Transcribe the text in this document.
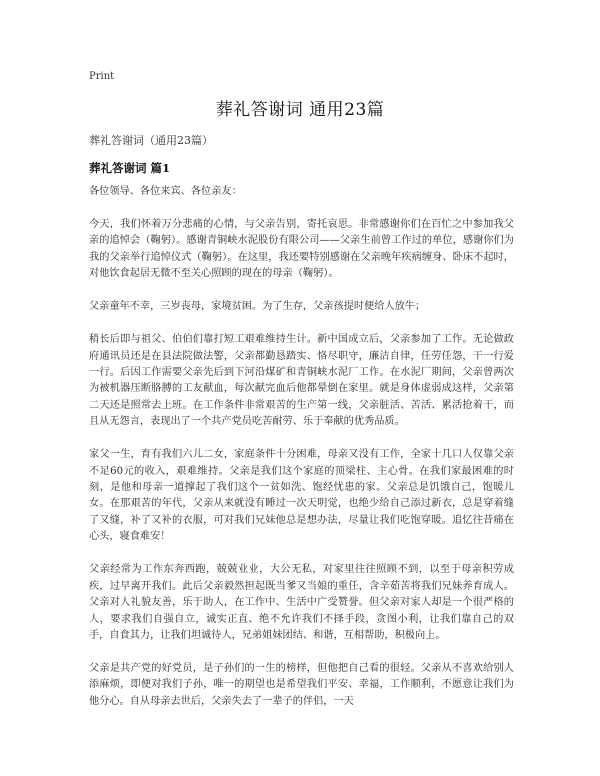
Print
葬礼答谢词 通用23篇
葬礼答谢词（通用23篇）
葬礼答谢词 篇1

各位领导、各位来宾、各位亲友：

今天，我们怀着万分悲痛的心情，与父亲告别，寄托哀思。非常感谢你们在百忙之中参加我父亲的追悼会（鞠躬）。感谢青铜峡水泥股份有限公司——父亲生前曾工作过的单位，感谢你们为我的父亲举行追悼仪式（鞠躬）。在这里，我还要特别感谢在父亲晚年疾病缠身、卧床不起时，对他饮食起居无微不至关心照顾的现在的母亲（鞠躬）。

父亲童年不幸，三岁丧母，家境贫困。为了生存，父亲孩提时便给人放牛；

稍长后即与祖父、伯伯们靠打短工艰难维持生计。新中国成立后，父亲参加了工作。无论做政府通讯员还是在县法院做法警，父亲都勤恳踏实、恪尽职守，廉洁自律，任劳任怨，干一行爱一行。后因工作需要父亲先后到下河沿煤矿和青铜峡水泥厂工作。在水泥厂期间，父亲曾两次为被机器压断胳膊的工友献血，每次献完血后他都晕倒在家里。就是身体虚弱成这样，父亲第二天还是照常去上班。在工作条件非常艰苦的生产第一线，父亲脏活、苦活、累活抢着干，而且从无怨言，表现出了一个共产党员吃苦耐劳、乐于奉献的优秀品质。

家父一生，育有我们六儿二女，家庭条件十分困难，母亲又没有工作，全家十几口人仅靠父亲不足60元的收入，艰难维持。父亲是我们这个家庭的顶梁柱、主心骨。在我们家最困难的时刻，是他和母亲一道撑起了我们这个一贫如洗、饱经忧患的家。父亲总是饥饿自己，饱暖儿女。在那艰苦的年代，父亲从来就没有睡过一次天明觉，也绝少给自己添过新衣，总是穿着缝了又缝，补了又补的衣服，可对我们兄妹他总是想办法，尽量让我们吃饱穿暖。追忆往昔痛在心头，寝食难安！

父亲经常为工作东奔西跑，兢兢业业，大公无私，对家里往往照顾不到，以至于母亲积劳成疾，过早离开我们。此后父亲毅然担起既当爹又当娘的重任，含辛茹苦将我们兄妹养育成人。父亲对人礼貌友善，乐于助人，在工作中、生活中广受赞誉。但父亲对家人却是一个很严格的人，要求我们自强自立，诚实正直、绝不允许我们不择手段，贪图小利，让我们靠自己的双手，自食其力，让我们坦诚待人，兄弟姐妹团结、和谐，互相帮助，积极向上。

父亲是共产党的好党员，是子孙们的一生的榜样，但他把自己看的很轻。父亲从不喜欢给别人添麻烦，即便对我们子孙，唯一的期望也是希望我们平安、幸福，工作顺利，不愿意让我们为他分心。自从母亲去世后，父亲失去了一辈子的伴侣，一天
